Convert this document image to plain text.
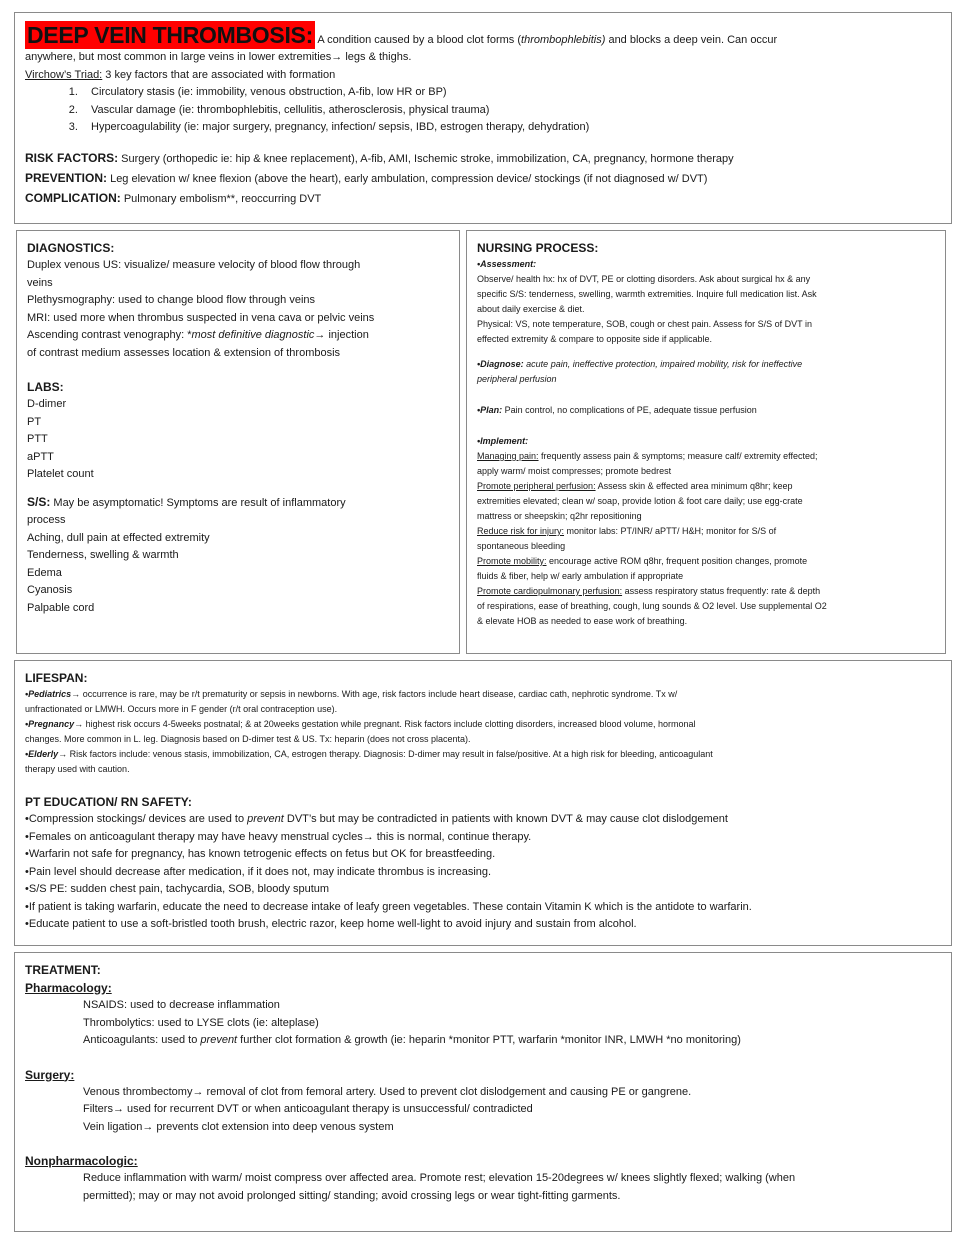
DEEP VEIN THROMBOSIS: A condition caused by a blood clot forms (thrombophlebitis) and blocks a deep vein. Can occur
anywhere, but most common in large veins in lower extremities→ legs & thighs.
Virchow’s Triad: 3 key factors that are associated with formation
1. Circulatory stasis (ie: immobility, venous obstruction, A-fib, low HR or BP)
2. Vascular damage (ie: thrombophlebitis, cellulitis, atherosclerosis, physical trauma)
3. Hypercoagulability (ie: major surgery, pregnancy, infection/ sepsis, IBD, estrogen therapy, dehydration)
RISK FACTORS: Surgery (orthopedic ie: hip & knee replacement), A-fib, AMI, Ischemic stroke, immobilization, CA, pregnancy, hormone therapy
PREVENTION: Leg elevation w/ knee flexion (above the heart), early ambulation, compression device/ stockings (if not diagnosed w/ DVT)
COMPLICATION: Pulmonary embolism**, reoccurring DVT
DIAGNOSTICS:
Duplex venous US: visualize/ measure velocity of blood flow through
veins
Plethysmography: used to change blood flow through veins
MRI: used more when thrombus suspected in vena cava or pelvic veins
Ascending contrast venography: *most definitive diagnostic→ injection
of contrast medium assesses location & extension of thrombosis
LABS:
D-dimer
PT
PTT
aPTT
Platelet count
S/S: May be asymptomatic! Symptoms are result of inflammatory
process
Aching, dull pain at effected extremity
Tenderness, swelling & warmth
Edema
Cyanosis
Palpable cord
NURSING PROCESS:
•Assessment:
Observe/ health hx: hx of DVT, PE or clotting disorders. Ask about surgical hx & any
specific S/S: tenderness, swelling, warmth extremities. Inquire full medication list. Ask
about daily exercise & diet.
Physical: VS, note temperature, SOB, cough or chest pain. Assess for S/S of DVT in
effected extremity & compare to opposite side if applicable.
•Diagnose: acute pain, ineffective protection, impaired mobility, risk for ineffective
peripheral perfusion
•Plan: Pain control, no complications of PE, adequate tissue perfusion
•Implement:
Managing pain: frequently assess pain & symptoms; measure calf/ extremity effected;
apply warm/ moist compresses; promote bedrest
Promote peripheral perfusion: Assess skin & effected area minimum q8hr; keep
extremities elevated; clean w/ soap, provide lotion & foot care daily; use egg-crate
mattress or sheepskin; q2hr repositioning
Reduce risk for injury: monitor labs: PT/INR/ aPTT/ H&H; monitor for S/S of
spontaneous bleeding
Promote mobility: encourage active ROM q8hr, frequent position changes, promote
fluids & fiber, help w/ early ambulation if appropriate
Promote cardiopulmonary perfusion: assess respiratory status frequently: rate & depth
of respirations, ease of breathing, cough, lung sounds & O2 level. Use supplemental O2
& elevate HOB as needed to ease work of breathing.
LIFESPAN:
•Pediatrics→ occurrence is rare, may be r/t prematurity or sepsis in newborns. With age, risk factors include heart disease, cardiac cath, nephrotic syndrome. Tx w/
unfractionated or LMWH. Occurs more in F gender (r/t oral contraception use).
•Pregnancy→ highest risk occurs 4-5weeks postnatal; & at 20weeks gestation while pregnant. Risk factors include clotting disorders, increased blood volume, hormonal
changes. More common in L. leg. Diagnosis based on D-dimer test & US. Tx: heparin (does not cross placenta).
•Elderly→ Risk factors include: venous stasis, immobilization, CA, estrogen therapy. Diagnosis: D-dimer may result in false/positive. At a high risk for bleeding, anticoagulant
therapy used with caution.
PT EDUCATION/ RN SAFETY:
•Compression stockings/ devices are used to prevent DVT’s but may be contradicted in patients with known DVT & may cause clot dislodgement
•Females on anticoagulant therapy may have heavy menstrual cycles→ this is normal, continue therapy.
•Warfarin not safe for pregnancy, has known tetrogenic effects on fetus but OK for breastfeeding.
•Pain level should decrease after medication, if it does not, may indicate thrombus is increasing.
•S/S PE: sudden chest pain, tachycardia, SOB, bloody sputum
•If patient is taking warfarin, educate the need to decrease intake of leafy green vegetables. These contain Vitamin K which is the antidote to warfarin.
•Educate patient to use a soft-bristled tooth brush, electric razor, keep home well-light to avoid injury and sustain from alcohol.
TREATMENT:
Pharmacology:
NSAIDS: used to decrease inflammation
Thrombolytics: used to LYSE clots (ie: alteplase)
Anticoagulants: used to prevent further clot formation & growth (ie: heparin *monitor PTT, warfarin *monitor INR, LMWH *no monitoring)
Surgery:
Venous thrombectomy→ removal of clot from femoral artery. Used to prevent clot dislodgement and causing PE or gangrene.
Filters→ used for recurrent DVT or when anticoagulant therapy is unsuccessful/ contradicted
Vein ligation→ prevents clot extension into deep venous system
Nonpharmacologic:
Reduce inflammation with warm/ moist compress over affected area. Promote rest; elevation 15-20degrees w/ knees slightly flexed; walking (when
permitted); may or may not avoid prolonged sitting/ standing; avoid crossing legs or wear tight-fitting garments.
